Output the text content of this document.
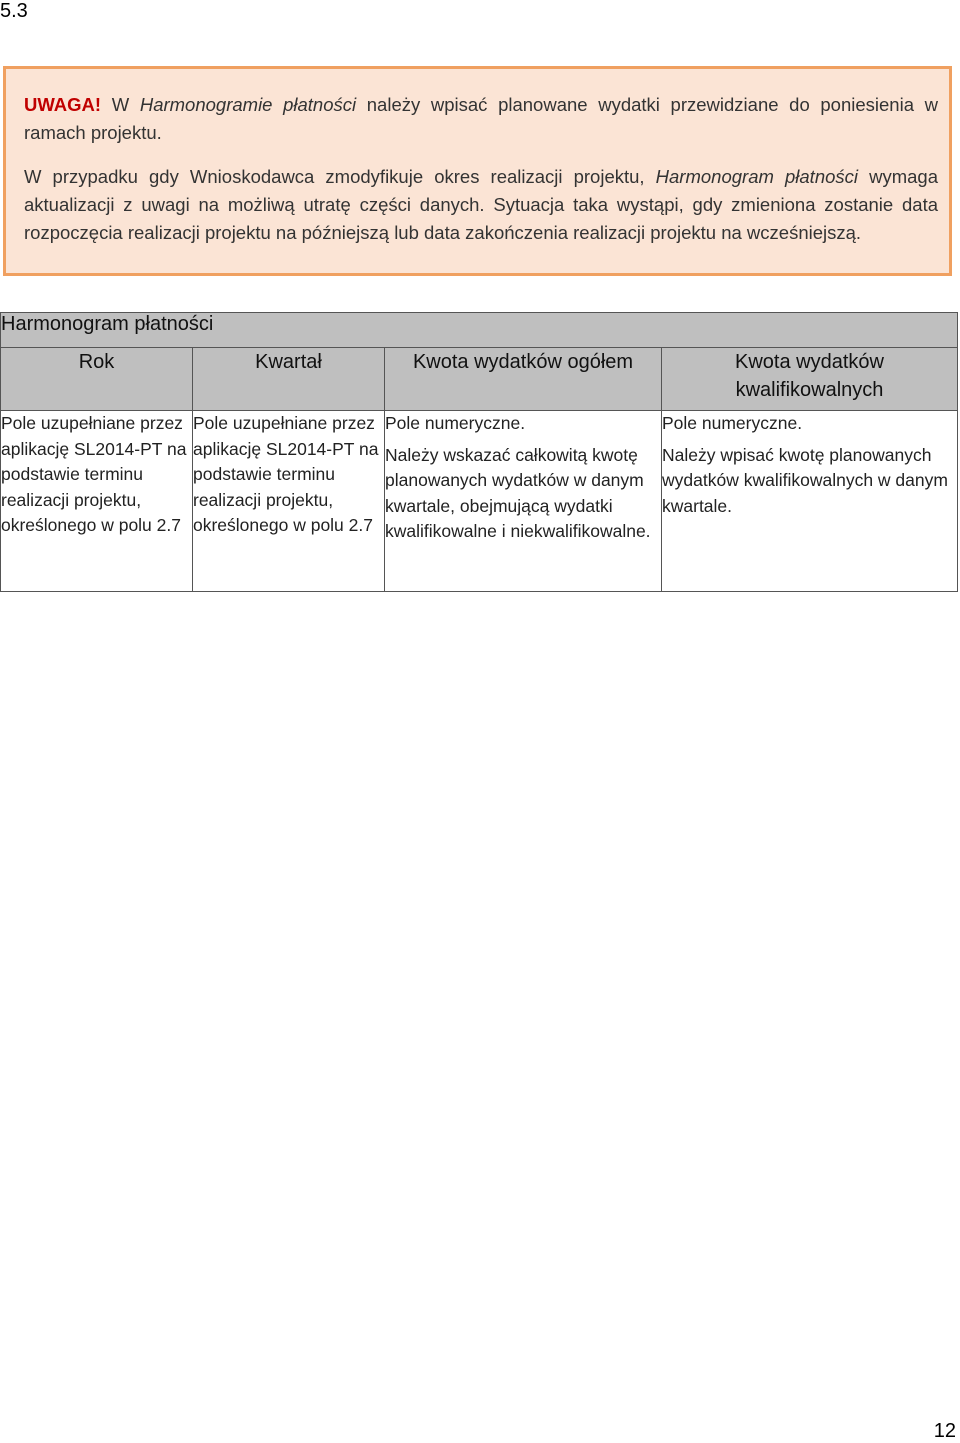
5.3

UWAGA! W Harmonogramie płatności należy wpisać planowane wydatki przewidziane do poniesienia w ramach projektu.

W przypadku gdy Wnioskodawca zmodyfikuje okres realizacji projektu, Harmonogram płatności wymaga aktualizacji z uwagi na możliwą utratę części danych. Sytuacja taka wystąpi, gdy zmieniona zostanie data rozpoczęcia realizacji projektu na późniejszą lub data zakończenia realizacji projektu na wcześniejszą.

Harmonogram płatności			
Rok	Kwartał	Kwota wydatków ogółem	Kwota wydatków
kwalifikowalnych

Pole uzupełniane przez aplikację SL2014-PT na podstawie terminu realizacji projektu, określonego w polu 2.7	Pole uzupełniane przez aplikację SL2014-PT na podstawie terminu realizacji projektu, określonego w polu 2.7	Pole numeryczne.
Należy wskazać całkowitą kwotę planowanych wydatków w danym kwartale, obejmującą wydatki kwalifikowalne i niekwalifikowalne.	Pole numeryczne.
Należy wpisać kwotę planowanych wydatków kwalifikowalnych w danym kwartale.
12
